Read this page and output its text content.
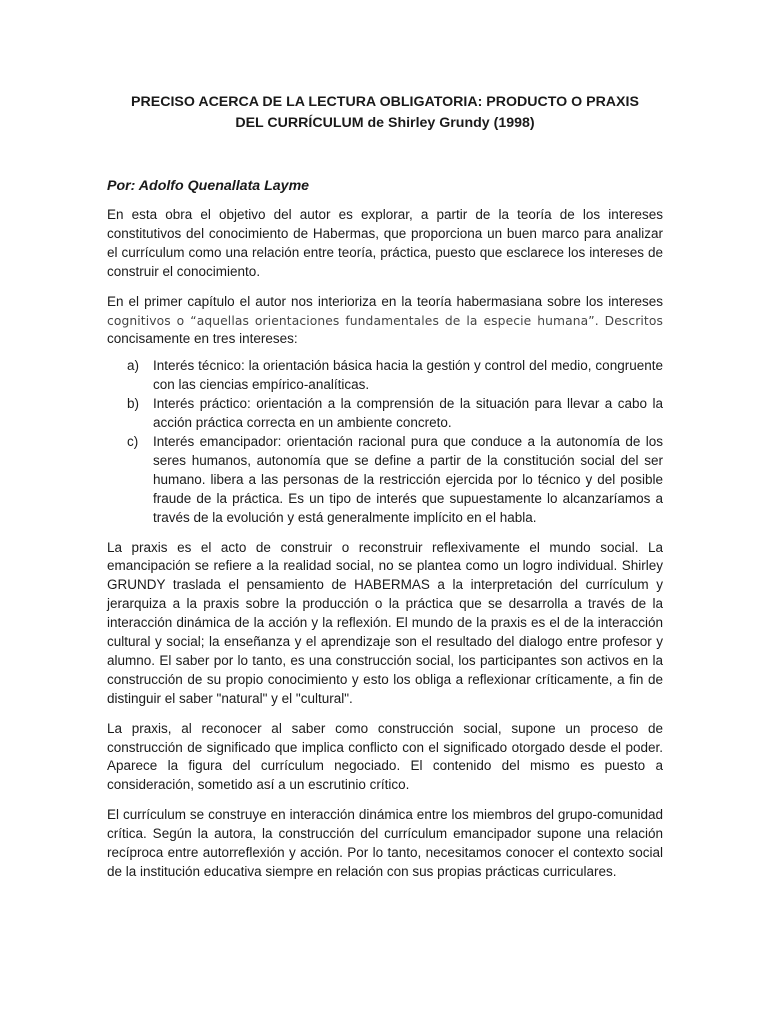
PRECISO ACERCA DE LA LECTURA OBLIGATORIA: PRODUCTO O PRAXIS
DEL CURRÍCULUM de Shirley Grundy (1998)

Por: Adolfo Quenallata Layme

En esta obra el objetivo del autor es explorar, a partir de la teoría de los intereses constitutivos del conocimiento de Habermas, que proporciona un buen marco para analizar el currículum como una relación entre teoría, práctica, puesto que esclarece los intereses de construir el conocimiento.

En el primer capítulo el autor nos interioriza en la teoría habermasiana sobre los intereses cognitivos o “aquellas orientaciones fundamentales de la especie humana”. Descritos concisamente en tres intereses:

a) Interés técnico: la orientación básica hacia la gestión y control del medio, congruente con las ciencias empírico-analíticas.
b) Interés práctico: orientación a la comprensión de la situación para llevar a cabo la acción práctica correcta en un ambiente concreto.
c) Interés emancipador: orientación racional pura que conduce a la autonomía de los seres humanos, autonomía que se define a partir de la constitución social del ser humano. libera a las personas de la restricción ejercida por lo técnico y del posible fraude de la práctica. Es un tipo de interés que supuestamente lo alcanzaríamos a través de la evolución y está generalmente implícito en el habla.

La praxis es el acto de construir o reconstruir reflexivamente el mundo social. La emancipación se refiere a la realidad social, no se plantea como un logro individual. Shirley GRUNDY traslada el pensamiento de HABERMAS a la interpretación del currículum y jerarquiza a la praxis sobre la producción o la práctica que se desarrolla a través de la interacción dinámica de la acción y la reflexión. El mundo de la praxis es el de la interacción cultural y social; la enseñanza y el aprendizaje son el resultado del dialogo entre profesor y alumno. El saber por lo tanto, es una construcción social, los participantes son activos en la construcción de su propio conocimiento y esto los obliga a reflexionar críticamente, a fin de distinguir el saber "natural" y el "cultural".

La praxis, al reconocer al saber como construcción social, supone un proceso de construcción de significado que implica conflicto con el significado otorgado desde el poder. Aparece la figura del currículum negociado. El contenido del mismo es puesto a consideración, sometido así a un escrutinio crítico.

El currículum se construye en interacción dinámica entre los miembros del grupo-comunidad crítica. Según la autora, la construcción del currículum emancipador supone una relación recíproca entre autorreflexión y acción. Por lo tanto, necesitamos conocer el contexto social de la institución educativa siempre en relación con sus propias prácticas curriculares.
